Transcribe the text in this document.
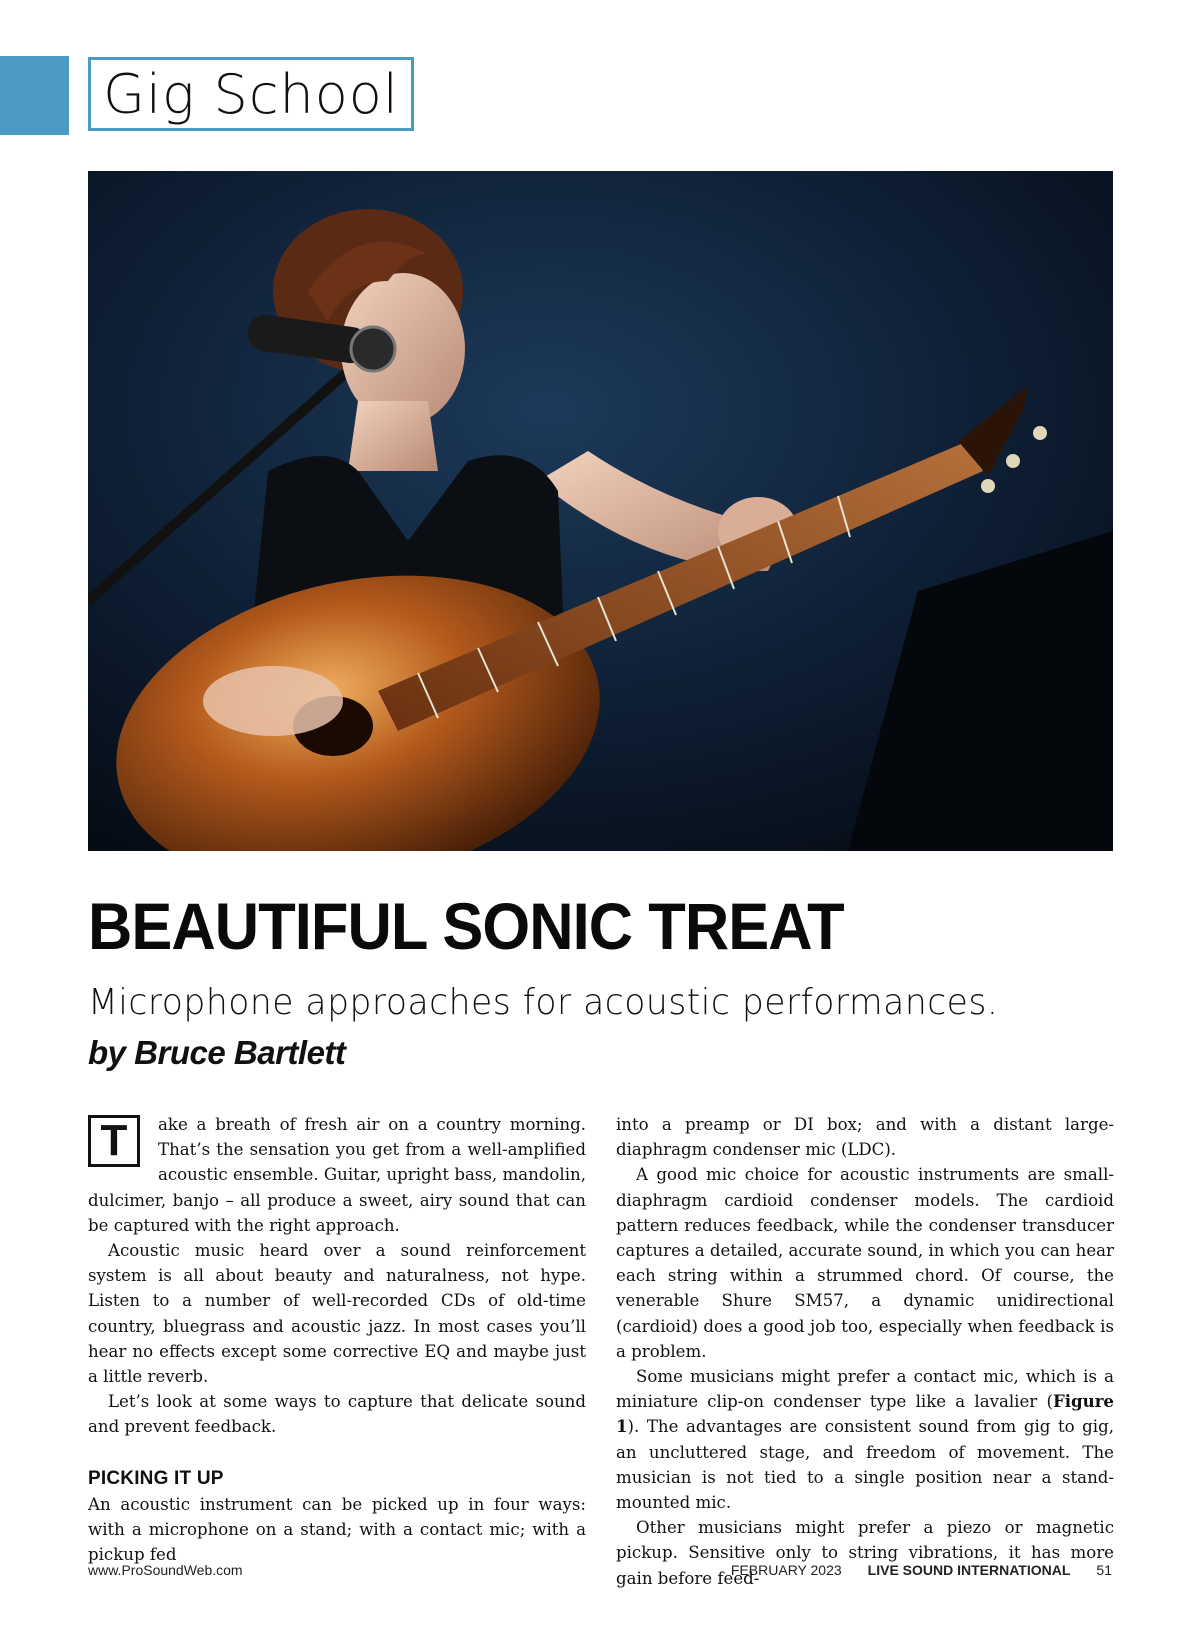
Gig School
BEAUTIFUL SONIC TREAT
Microphone approaches for acoustic performances.
by Bruce Bartlett

T	ake a breath of fresh air on a country morning. That’s the sensation you get from a well-amplified acoustic ensemble. Guitar, upright bass, mandolin, dulcimer, banjo – all produce a sweet, airy sound that can be captured with the right approach.

Acoustic music heard over a sound reinforcement system is all about beauty and naturalness, not hype. Listen to a number of well-recorded CDs of old-time country, bluegrass and acoustic jazz. In most cases you’ll hear no effects except some corrective EQ and maybe just a little reverb.

Let’s look at some ways to capture that delicate sound and prevent feedback.

PICKING IT UP

An acoustic instrument can be picked up in four ways: with a microphone on a stand; with a contact mic; with a pickup fed

into a preamp or DI box; and with a distant large-diaphragm condenser mic (LDC).

A good mic choice for acoustic instruments are small-diaphragm cardioid condenser models. The cardioid pattern reduces feedback, while the condenser transducer captures a detailed, accurate sound, in which you can hear each string within a strummed chord. Of course, the venerable Shure SM57, a dynamic unidirectional (cardioid) does a good job too, especially when feedback is a problem.

Some musicians might prefer a contact mic, which is a miniature clip-on condenser type like a lavalier (Figure 1). The advantages are consistent sound from gig to gig, an uncluttered stage, and freedom of movement. The musician is not tied to a single position near a stand-mounted mic.

Other musicians might prefer a piezo or magnetic pickup. Sensitive only to string vibrations, it has more gain before feed-

www.ProSoundWeb.com	FEBRUARY 2023 LIVE SOUND INTERNATIONAL 51
